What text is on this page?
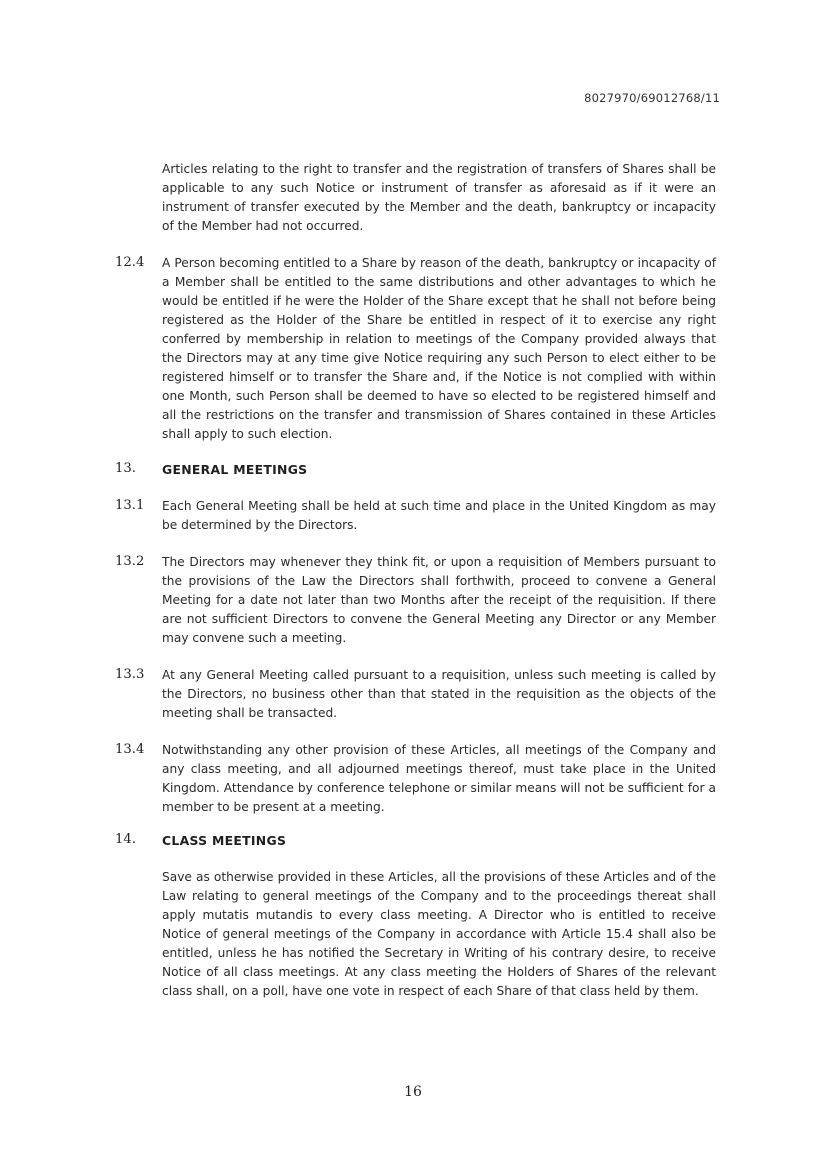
8027970/69012768/11

Articles relating to the right to transfer and the registration of transfers of Shares shall be applicable to any such Notice or instrument of transfer as aforesaid as if it were an instrument of transfer executed by the Member and the death, bankruptcy or incapacity of the Member had not occurred.

12.4 A Person becoming entitled to a Share by reason of the death, bankruptcy or incapacity of a Member shall be entitled to the same distributions and other advantages to which he would be entitled if he were the Holder of the Share except that he shall not before being registered as the Holder of the Share be entitled in respect of it to exercise any right conferred by membership in relation to meetings of the Company provided always that the Directors may at any time give Notice requiring any such Person to elect either to be registered himself or to transfer the Share and, if the Notice is not complied with within one Month, such Person shall be deemed to have so elected to be registered himself and all the restrictions on the transfer and transmission of Shares contained in these Articles shall apply to such election.

13. GENERAL MEETINGS
13.1 Each General Meeting shall be held at such time and place in the United Kingdom as may be determined by the Directors.

13.2 The Directors may whenever they think fit, or upon a requisition of Members pursuant to the provisions of the Law the Directors shall forthwith, proceed to convene a General Meeting for a date not later than two Months after the receipt of the requisition. If there are not sufficient Directors to convene the General Meeting any Director or any Member may convene such a meeting.

13.3 At any General Meeting called pursuant to a requisition, unless such meeting is called by the Directors, no business other than that stated in the requisition as the objects of the meeting shall be transacted.

13.4 Notwithstanding any other provision of these Articles, all meetings of the Company and any class meeting, and all adjourned meetings thereof, must take place in the United Kingdom. Attendance by conference telephone or similar means will not be sufficient for a member to be present at a meeting.

14. CLASS MEETINGS

Save as otherwise provided in these Articles, all the provisions of these Articles and of the Law relating to general meetings of the Company and to the proceedings thereat shall apply mutatis mutandis to every class meeting. A Director who is entitled to receive Notice of general meetings of the Company in accordance with Article 15.4 shall also be entitled, unless he has notified the Secretary in Writing of his contrary desire, to receive Notice of all class meetings. At any class meeting the Holders of Shares of the relevant class shall, on a poll, have one vote in respect of each Share of that class held by them.

16
